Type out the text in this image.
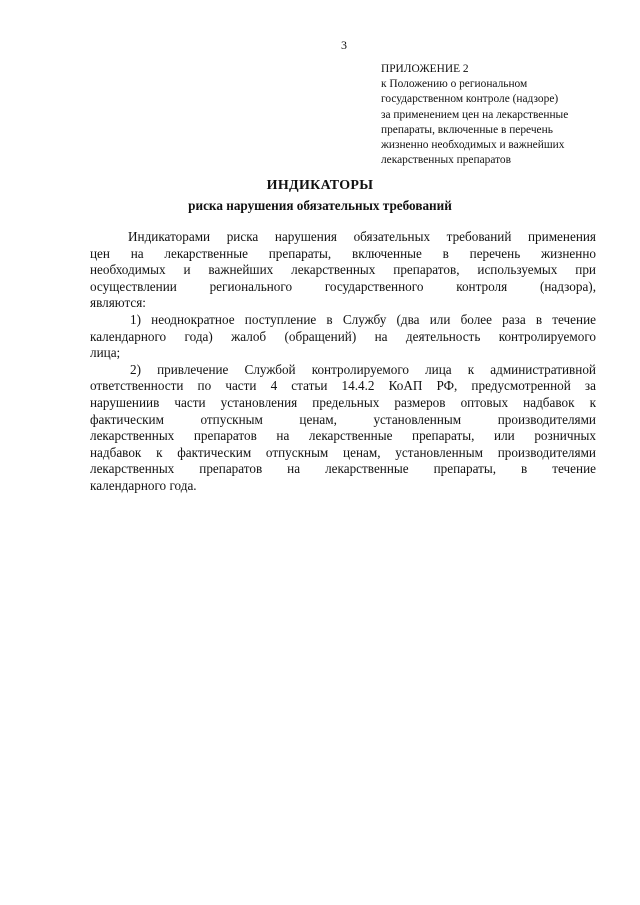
3
ПРИЛОЖЕНИЕ 2
к Положению о региональном
государственном контроле (надзоре)
за применением цен на лекарственные
препараты, включенные в перечень
жизненно необходимых и важнейших
лекарственных препаратов
ИНДИКАТОРЫ
риска нарушения обязательных требований
Индикаторами риска нарушения обязательных требований применения
цен на лекарственные препараты, включенные в перечень жизненно
необходимых и важнейших лекарственных препаратов, используемых при
осуществлении регионального государственного контроля (надзора),
являются:
1) неоднократное поступление в Службу (два или более раза в течение
календарного года) жалоб (обращений) на деятельность контролируемого
лица;
2) привлечение Службой контролируемого лица к административной
ответственности по части 4 статьи 14.4.2 КоАП РФ, предусмотренной за
нарушениив части установления предельных размеров оптовых надбавок к
фактическим отпускным ценам, установленным производителями
лекарственных препаратов на лекарственные препараты, или розничных
надбавок к фактическим отпускным ценам, установленным производителями
лекарственных препаратов на лекарственные препараты, в течение
календарного года.
